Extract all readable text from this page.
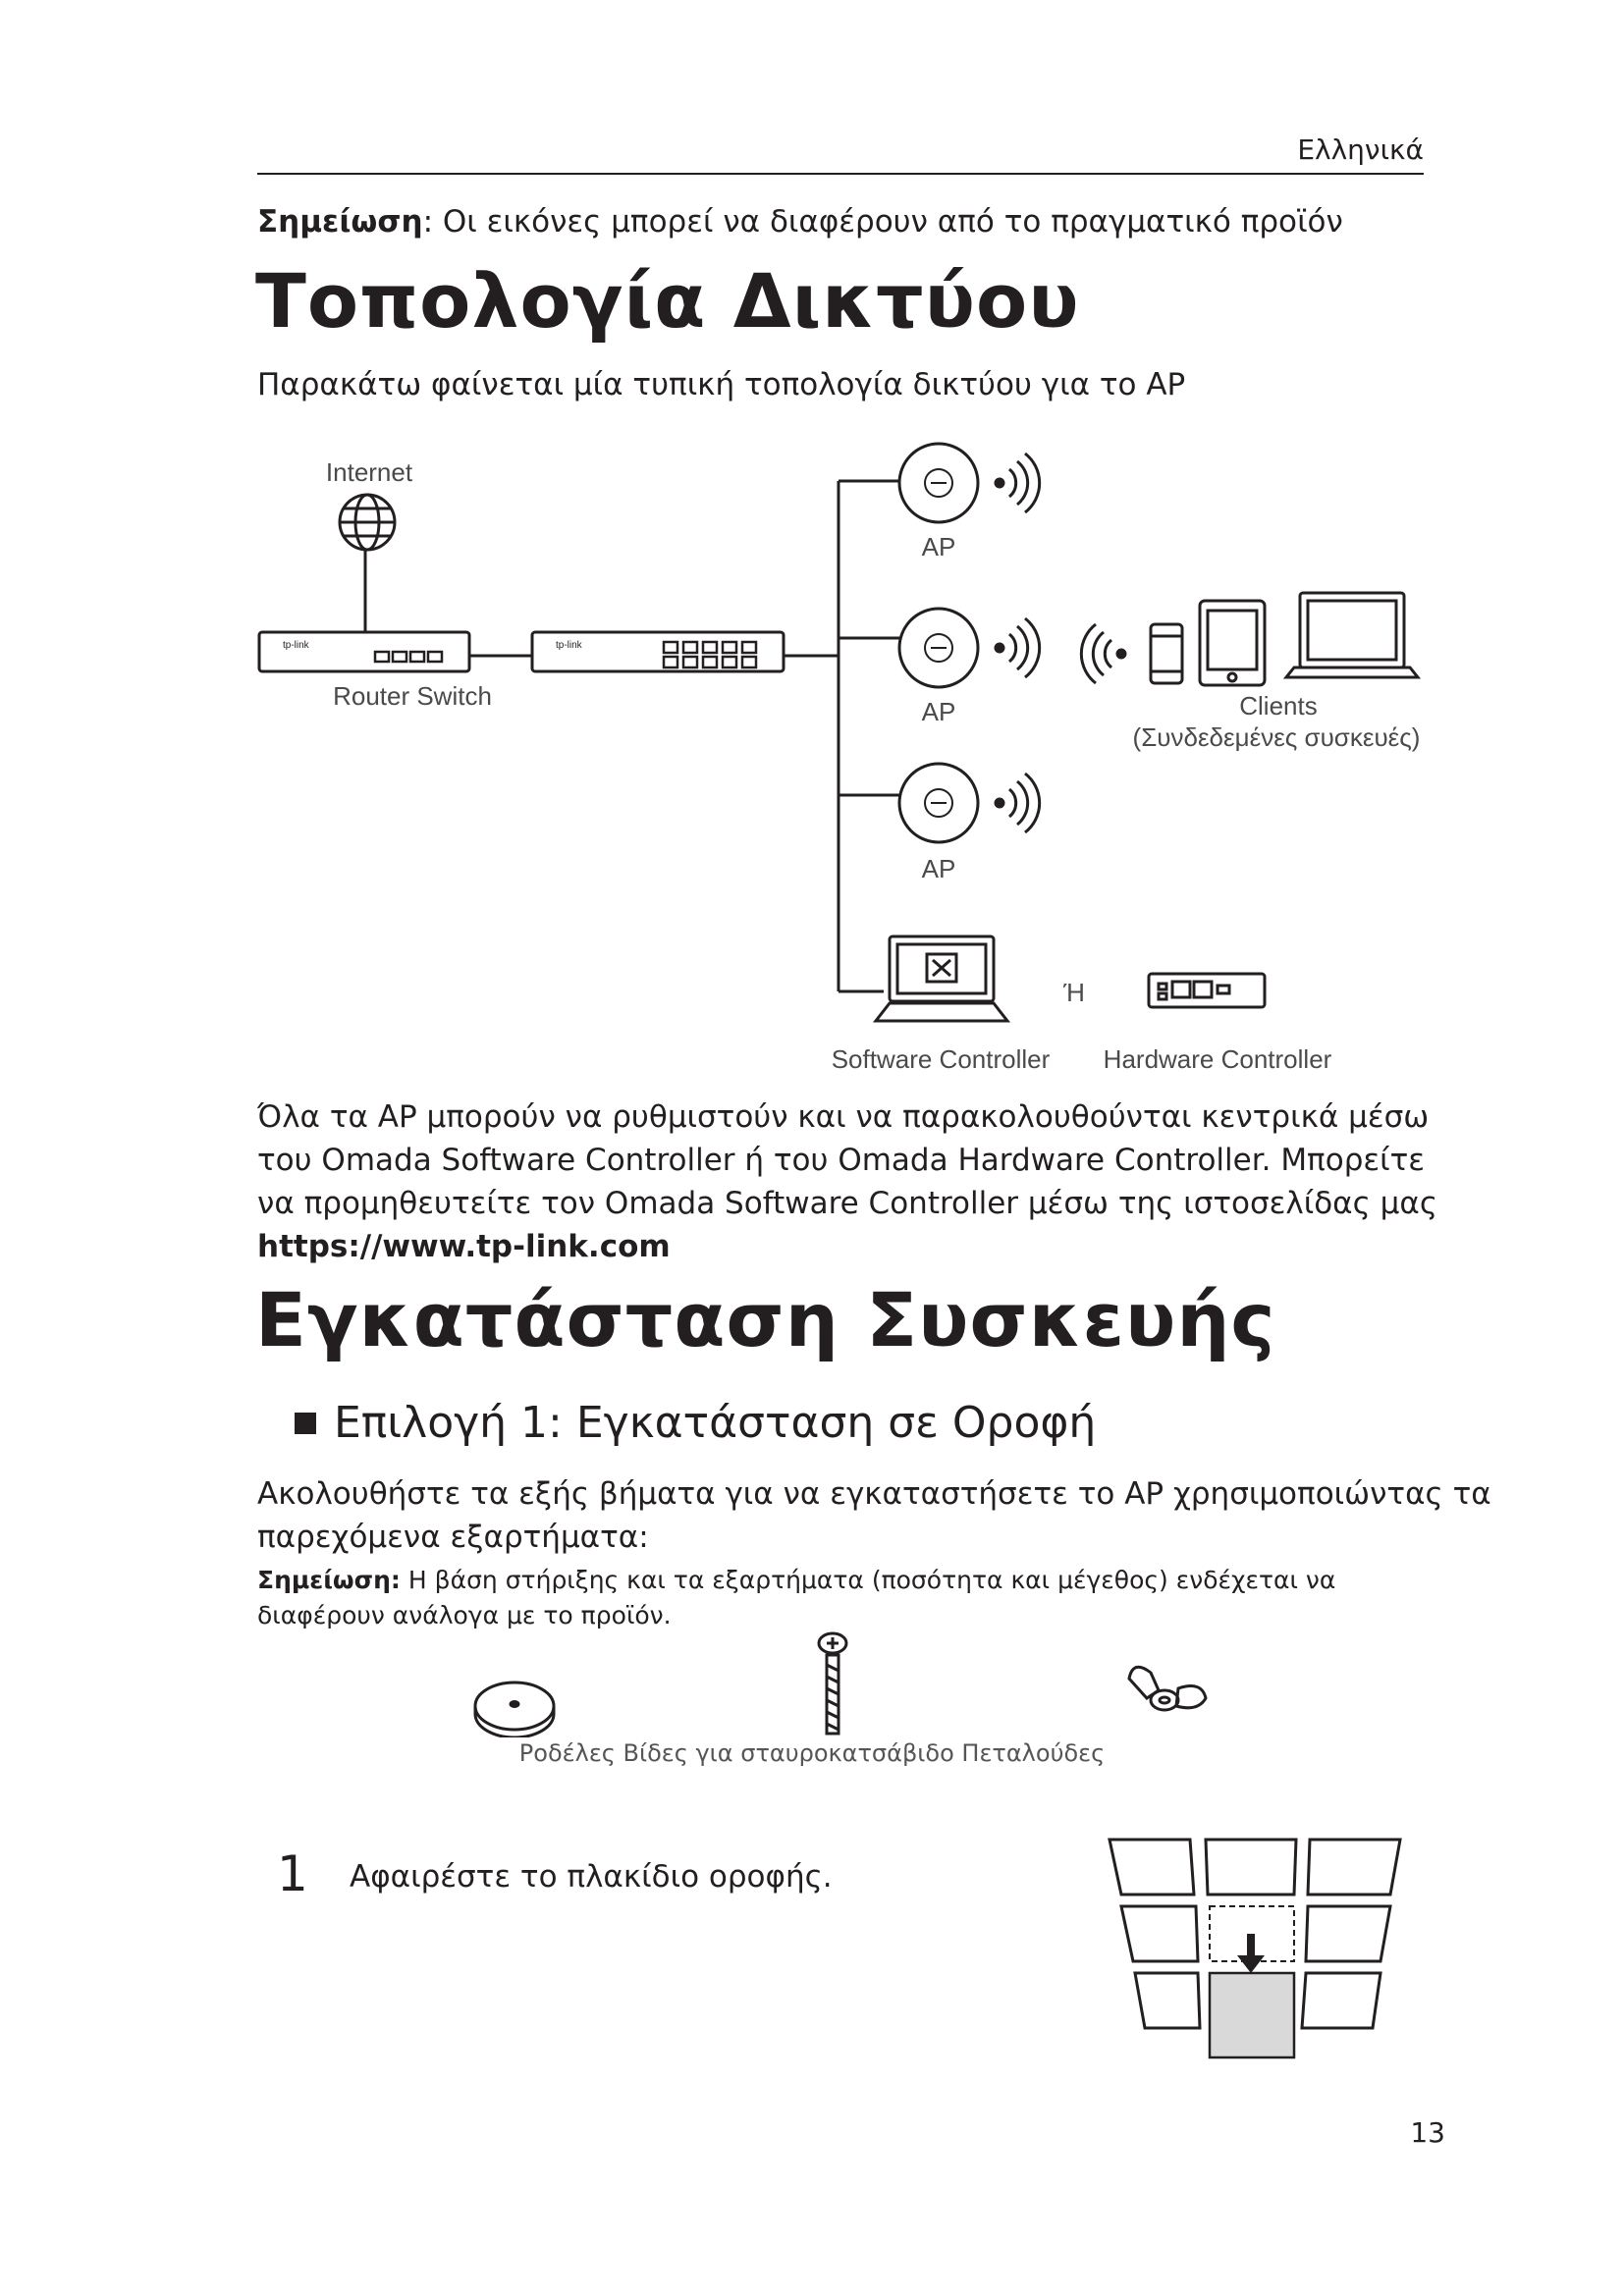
Ελληνικά
Σημείωση: Οι εικόνες μπορεί να διαφέρουν από το πραγματικό προϊόν
Τοπολογία Δικτύου
Παρακάτω φαίνεται μία τυπική τοπολογία δικτύου για το AP
Internet
tp-link	tp-link
Router Switch
AP
AP
AP
Clients
(Συνδεδεμένες συσκευές)
Ή
Software Controller Hardware Controller
Όλα τα AP μπορούν να ρυθμιστούν και να παρακολουθούνται κεντρικά μέσω
του Omada Software Controller ή του Omada Hardware Controller. Μπορείτε
να προμηθευτείτε τον Omada Software Controller μέσω της ιστοσελίδας μας
https://www.tp-link.com
Εγκατάσταση Συσκευής
Επιλογή 1: Εγκατάσταση σε Οροφή
Ακολουθήστε τα εξής βήματα για να εγκαταστήσετε το AP χρησιμοποιώντας τα
παρεχόμενα εξαρτήματα:
Σημείωση: Η βάση στήριξης και τα εξαρτήματα (ποσότητα και μέγεθος) ενδέχεται να
διαφέρουν ανάλογα με το προϊόν.
Ροδέλες Βίδες για σταυροκατσάβιδο Πεταλούδες
1 Αφαιρέστε το πλακίδιο οροφής.
13
